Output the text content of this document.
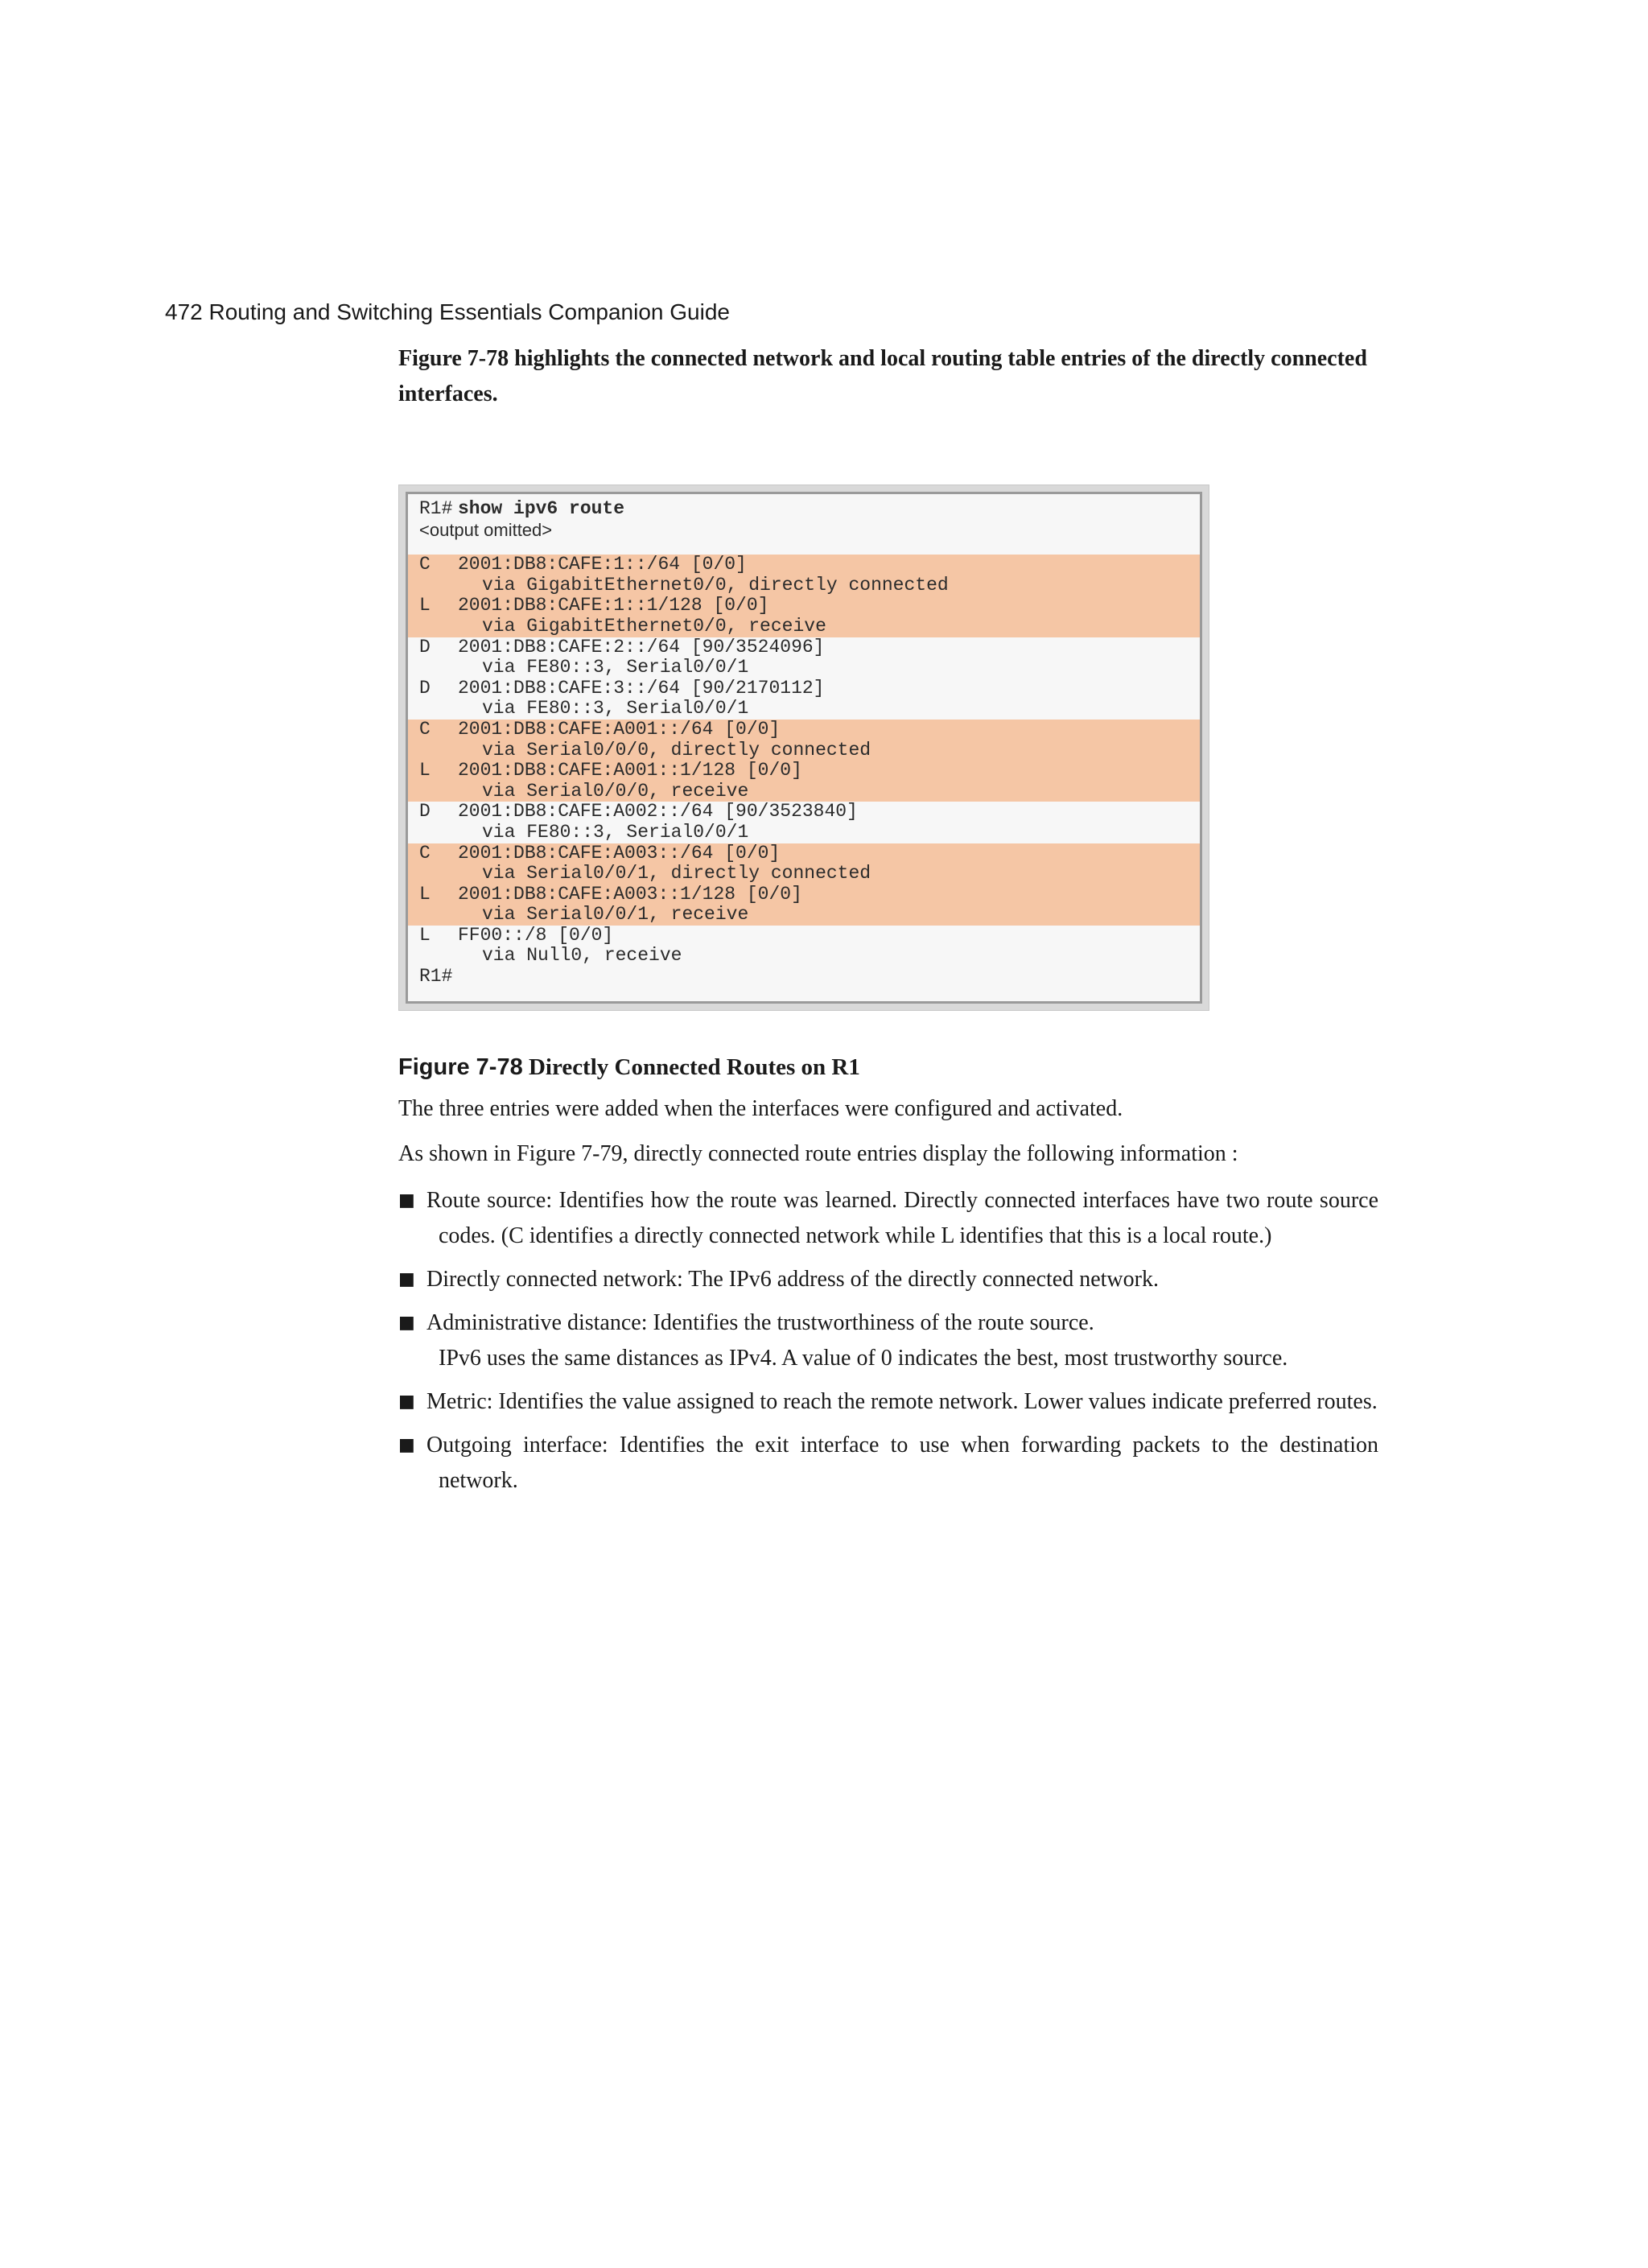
472 Routing and Switching Essentials Companion Guide

Figure 7-78 highlights the connected network and local routing table entries of the directly connected interfaces.

R1# show ipv6 route
<output omitted>
C 2001:DB8:CAFE:1::/64 [0/0]
via GigabitEthernet0/0, directly connected
L 2001:DB8:CAFE:1::1/128 [0/0]
via GigabitEthernet0/0, receive
D 2001:DB8:CAFE:2::/64 [90/3524096]
via FE80::3, Serial0/0/1
D 2001:DB8:CAFE:3::/64 [90/2170112]
via FE80::3, Serial0/0/1
C 2001:DB8:CAFE:A001::/64 [0/0]
via Serial0/0/0, directly connected
L 2001:DB8:CAFE:A001::1/128 [0/0]
via Serial0/0/0, receive
D 2001:DB8:CAFE:A002::/64 [90/3523840]
via FE80::3, Serial0/0/1
C 2001:DB8:CAFE:A003::/64 [0/0]
via Serial0/0/1, directly connected
L 2001:DB8:CAFE:A003::1/128 [0/0]
via Serial0/0/1, receive
L FF00::/8 [0/0]
via Null0, receive
R1#
Figure 7-78 Directly Connected Routes on R1

The three entries were added when the interfaces were configured and activated.

As shown in Figure 7-79, directly connected route entries display the following information :

■ Route source: Identifies how the route was learned. Directly connected interfaces have two route source codes. (C identifies a directly connected network while L identifies that this is a local route.)
■ Directly connected network: The IPv6 address of the directly connected network.
■ Administrative distance: Identifies the trustworthiness of the route source.
IPv6 uses the same distances as IPv4. A value of 0 indicates the best, most trustworthy source.
■ Metric: Identifies the value assigned to reach the remote network. Lower values indicate preferred routes.
■ Outgoing interface: Identifies the exit interface to use when forwarding packets to the destination network.
